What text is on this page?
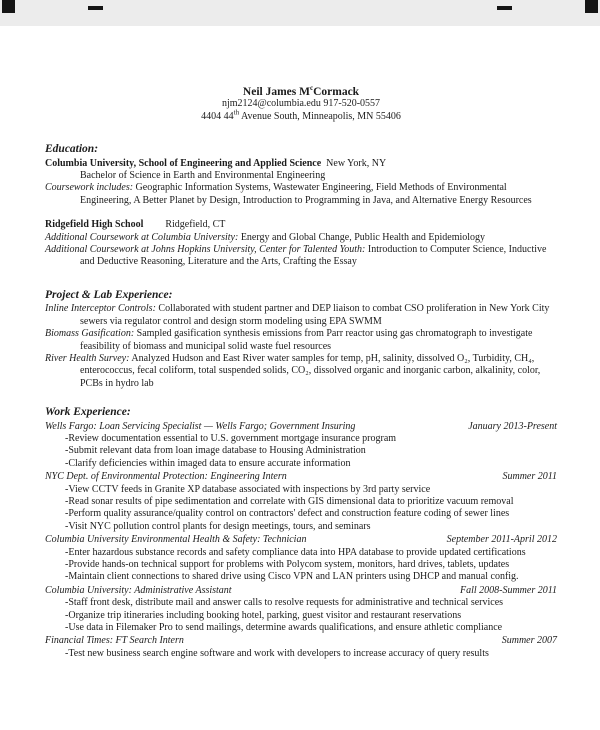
Neil James $M^cCormack$
njm2124@columbia.edu 917-520-0557
4404 44th Avenue South, Minneapolis, MN 55406
Education:

Columbia University, School of Engineering and Applied Science New York, NY

Bachelor of Science in Earth and Environmental Engineering

Coursework includes: Geographic Information Systems, Wastewater Engineering, Field Methods of Environmental Engineering, A Better Planet by Design, Introduction to Programming in Java, and Alternative Energy Resources

Ridgefield High School Ridgefield, CT

Additional Coursework at Columbia University: Energy and Global Change, Public Health and Epidemiology

Additional Coursework at Johns Hopkins University, Center for Talented Youth: Introduction to Computer Science, Inductive and Deductive Reasoning, Literature and the Arts, Crafting the Essay

Project & Lab Experience:

Inline Interceptor Controls: Collaborated with student partner and DEP liaison to combat CSO proliferation in New York City sewers via regulator control and design storm modeling using EPA SWMM

Biomass Gasification: Sampled gasification synthesis emissions from Parr reactor using gas chromatograph to investigate feasibility of biomass and municipal solid waste fuel resources

River Health Survey: Analyzed Hudson and East River water samples for temp, pH, salinity, dissolved O₂, Turbidity, CH₄, enterococcus, fecal coliform, total suspended solids, CO₂, dissolved organic and inorganic carbon, alkalinity, color, PCBs in hydro lab

Work Experience:

Wells Fargo: Loan Servicing Specialist — Wells Fargo; Government Insuring	January 2013-Present

- Review documentation essential to U.S. government mortgage insurance program

- Submit relevant data from loan image database to Housing Administration

- Clarify deficiencies within imaged data to ensure accurate information

NYC Dept. of Environmental Protection: Engineering Intern	Summer 2011

- View CCTV feeds in Granite XP database associated with inspections by 3rd party service

- Read sonar results of pipe sedimentation and correlate with GIS dimensional data to prioritize vacuum removal

- Perform quality assurance/quality control on contractors' defect and construction feature coding of sewer lines

- Visit NYC pollution control plants for design meetings, tours, and seminars

Columbia University Environmental Health & Safety: Technician	September 2011-April 2012

- Enter hazardous substance records and safety compliance data into HPA database to provide updated certifications

- Provide hands-on technical support for problems with Polycom system, monitors, hard drives, tablets, updates

- Maintain client connections to shared drive using Cisco VPN and LAN printers using DHCP and manual config.

Columbia University: Administrative Assistant	Fall 2008-Summer 2011

- Staff front desk, distribute mail and answer calls to resolve requests for administrative and technical services

- Organize trip itineraries including booking hotel, parking, guest visitor and restaurant reservations

- Use data in Filemaker Pro to send mailings, determine awards qualifications, and ensure athletic compliance

Financial Times: FT Search Intern	Summer 2007

- Test new business search engine software and work with developers to increase accuracy of query results
